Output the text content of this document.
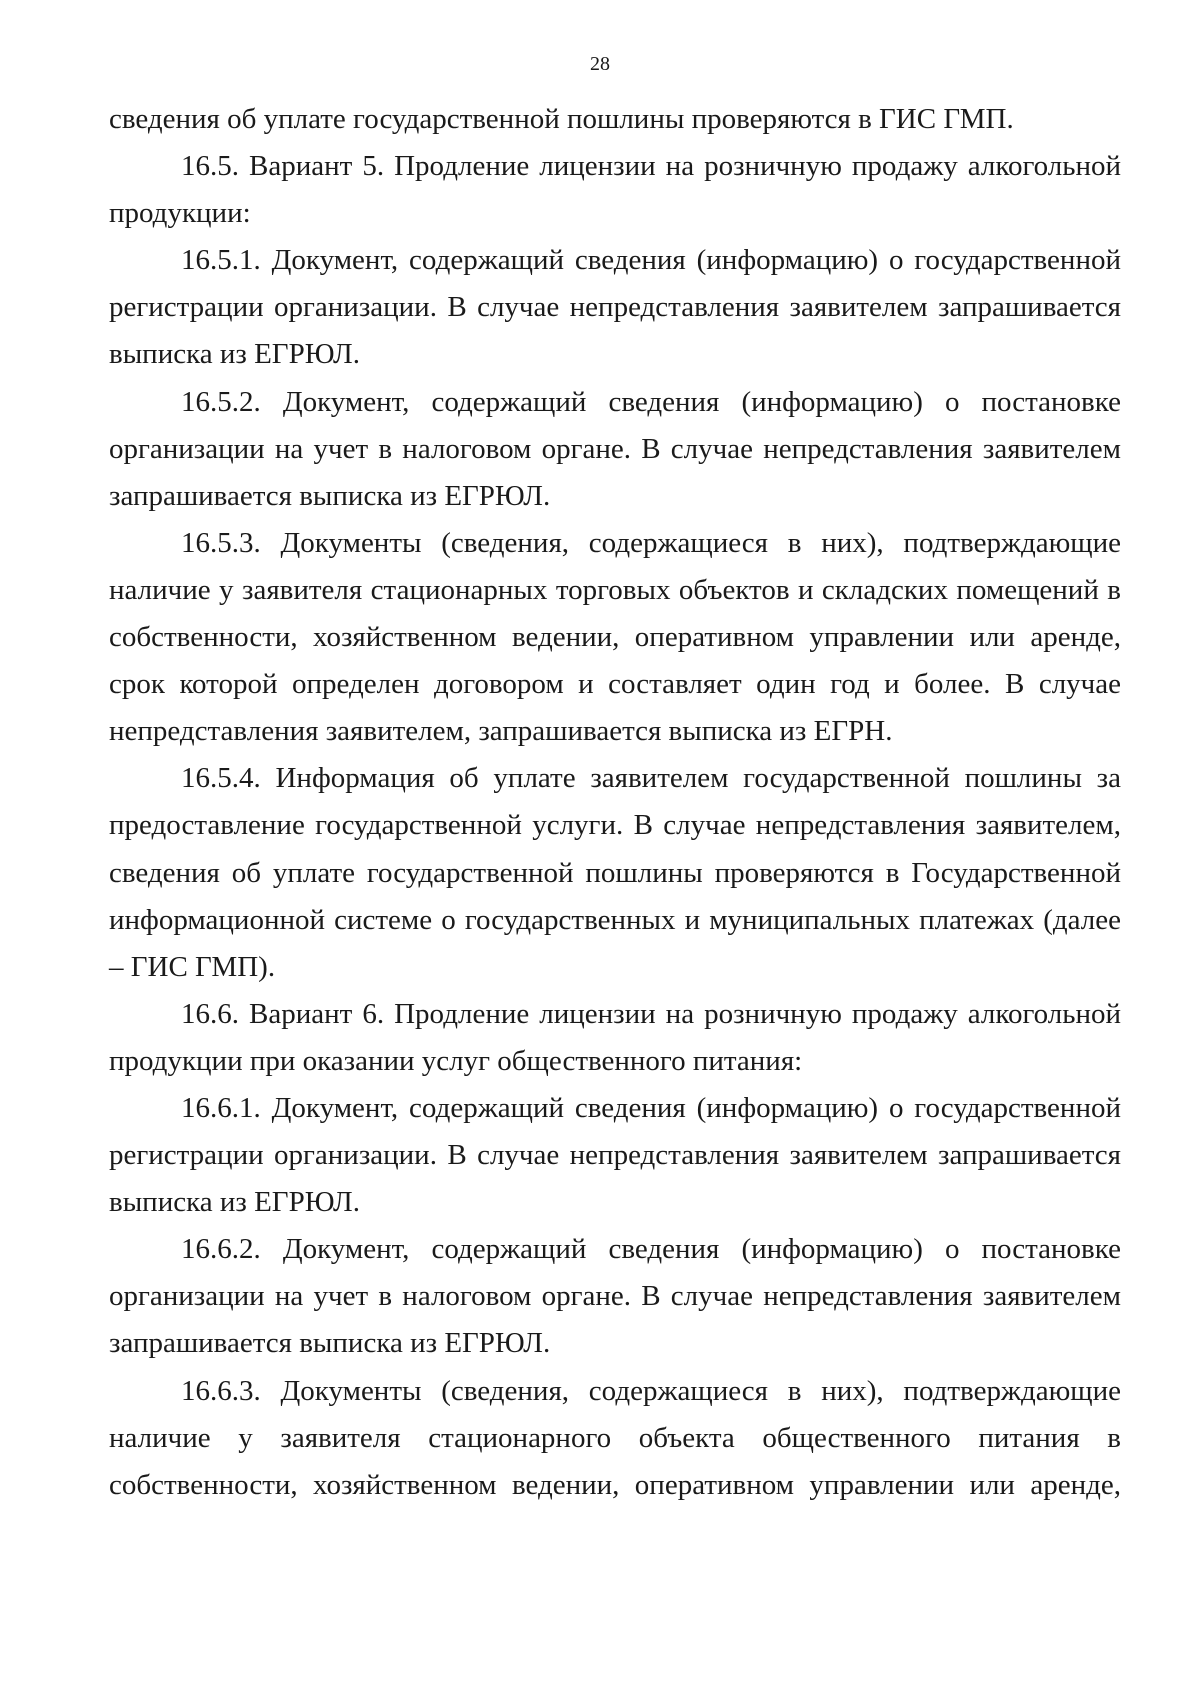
28

сведения об уплате государственной пошлины проверяются в ГИС ГМП.

16.5. Вариант 5. Продление лицензии на розничную продажу алкогольной продукции:

16.5.1. Документ, содержащий сведения (информацию) о государственной регистрации организации. В случае непредставления заявителем запрашивается выписка из ЕГРЮЛ.

16.5.2. Документ, содержащий сведения (информацию) о постановке организации на учет в налоговом органе. В случае непредставления заявителем запрашивается выписка из ЕГРЮЛ.

16.5.3. Документы (сведения, содержащиеся в них), подтверждающие наличие у заявителя стационарных торговых объектов и складских помещений в собственности, хозяйственном ведении, оперативном управлении или аренде, срок которой определен договором и составляет один год и более. В случае непредставления заявителем, запрашивается выписка из ЕГРН.

16.5.4. Информация об уплате заявителем государственной пошлины за предоставление государственной услуги. В случае непредставления заявителем, сведения об уплате государственной пошлины проверяются в Государственной информационной системе о государственных и муниципальных платежах (далее – ГИС ГМП).

16.6. Вариант 6. Продление лицензии на розничную продажу алкогольной продукции при оказании услуг общественного питания:

16.6.1. Документ, содержащий сведения (информацию) о государственной регистрации организации. В случае непредставления заявителем запрашивается выписка из ЕГРЮЛ.

16.6.2. Документ, содержащий сведения (информацию) о постановке организации на учет в налоговом органе. В случае непредставления заявителем запрашивается выписка из ЕГРЮЛ.

16.6.3. Документы (сведения, содержащиеся в них), подтверждающие наличие у заявителя стационарного объекта общественного питания в собственности, хозяйственном ведении, оперативном управлении или аренде,
